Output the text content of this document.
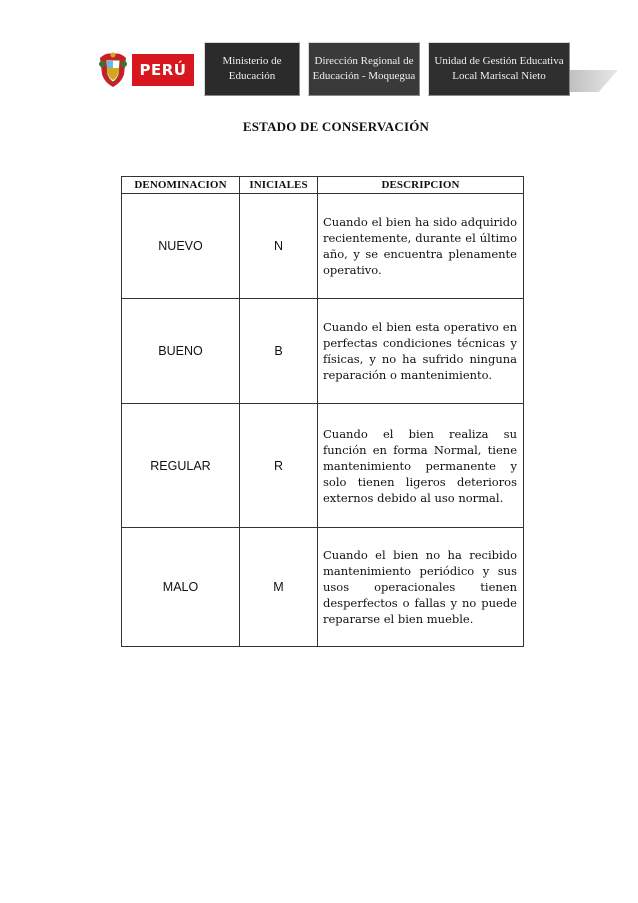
PERÚ	Ministerio de
Educación
Dirección Regional de
Educación - Moquegua
Unidad de Gestión Educativa
Local Mariscal Nieto
ESTADO DE CONSERVACIÓN
DENOMINACION	INICIALES	DESCRIPCION
NUEVO	N	Cuando el bien ha sido adquirido recientemente, durante el último año, y se encuentra plenamente operativo.
BUENO	B	Cuando el bien esta operativo en perfectas condiciones técnicas y físicas, y no ha sufrido ninguna reparación o mantenimiento.
REGULAR	R	Cuando el bien realiza su función en forma Normal, tiene mantenimiento permanente y solo tienen ligeros deterioros externos debido al uso normal.
MALO	M	Cuando el bien no ha recibido mantenimiento periódico y sus usos operacionales tienen desperfectos o fallas y no puede repararse el bien mueble.
